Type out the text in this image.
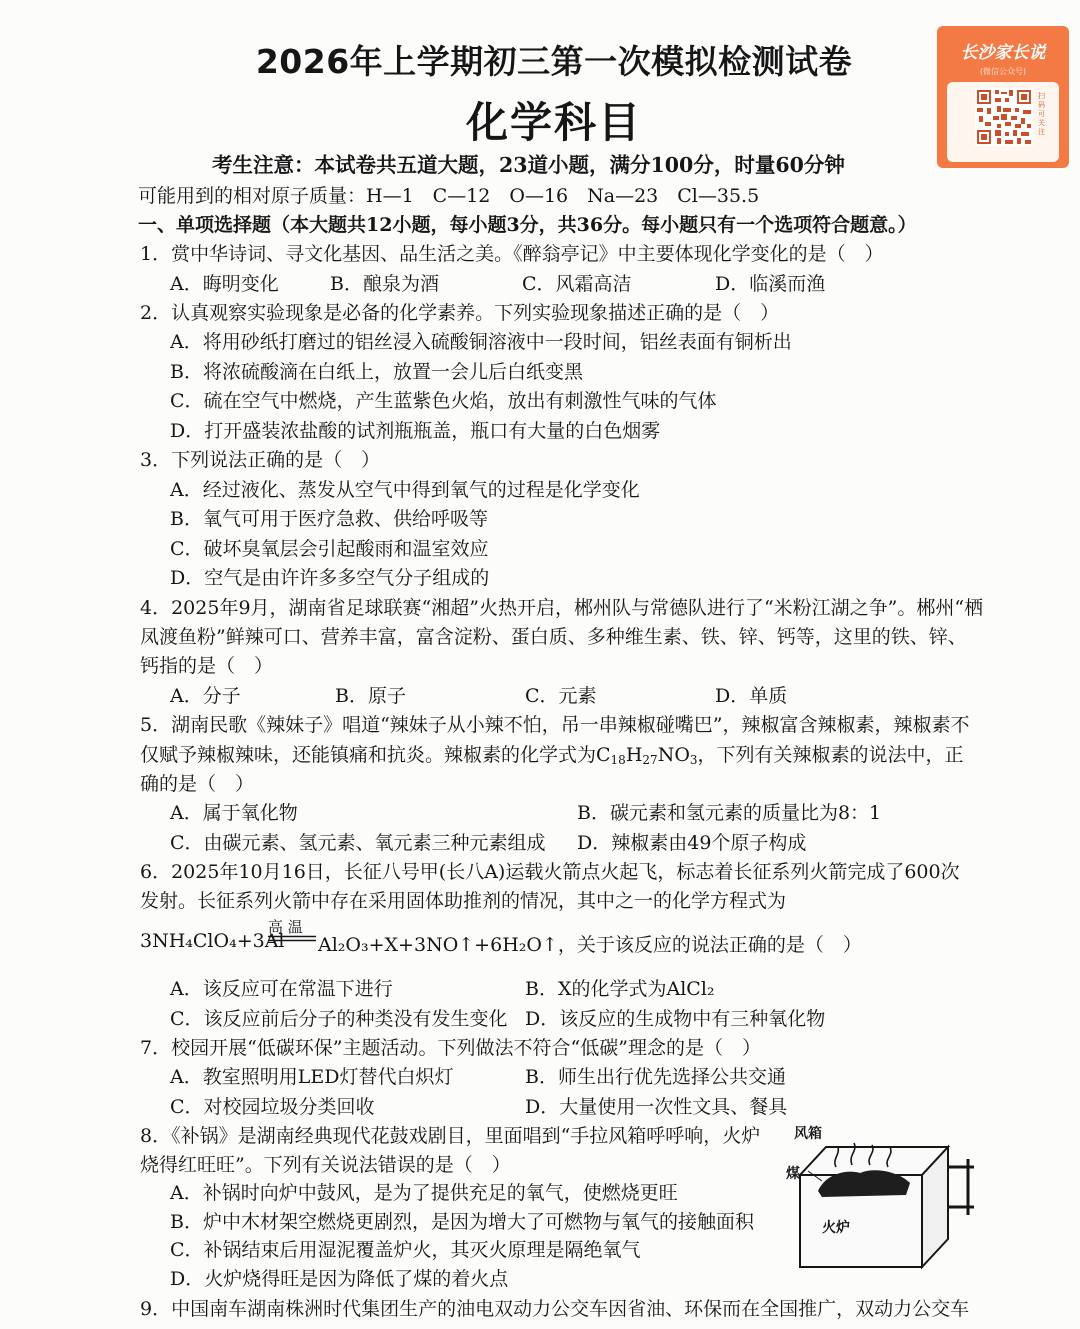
2026年上学期初三第一次模拟检测试卷
化学科目
长沙家长说
(微信公众号)
扫码可关注
考生注意：本试卷共五道大题，23道小题，满分100分，时量60分钟
可能用到的相对原子质量：H—1　C—12　O—16　Na—23　Cl—35.5
一、单项选择题（本大题共12小题，每小题3分，共36分。每小题只有一个选项符合题意。）
1．赏中华诗词、寻文化基因、品生活之美。《醉翁亭记》中主要体现化学变化的是（　）
A．晦明变化	B．酿泉为酒	C．风霜高洁	D．临溪而渔
2．认真观察实验现象是必备的化学素养。下列实验现象描述正确的是（　）
A．将用砂纸打磨过的铝丝浸入硫酸铜溶液中一段时间，铝丝表面有铜析出
B．将浓硫酸滴在白纸上，放置一会儿后白纸变黑
C．硫在空气中燃烧，产生蓝紫色火焰，放出有刺激性气味的气体
D．打开盛装浓盐酸的试剂瓶瓶盖，瓶口有大量的白色烟雾
3．下列说法正确的是（　）
A．经过液化、蒸发从空气中得到氧气的过程是化学变化
B．氧气可用于医疗急救、供给呼吸等
C．破坏臭氧层会引起酸雨和温室效应
D．空气是由许许多多空气分子组成的
4．2025年9月，湖南省足球联赛“湘超”火热开启，郴州队与常德队进行了“米粉江湖之争”。郴州“栖
凤渡鱼粉”鲜辣可口、营养丰富，富含淀粉、蛋白质、多种维生素、铁、锌、钙等，这里的铁、锌、
钙指的是（　）
A．分子	B．原子	C．元素	D．单质
5．湖南民歌《辣妹子》唱道“辣妹子从小辣不怕，吊一串辣椒碰嘴巴”，辣椒富含辣椒素，辣椒素不
仅赋予辣椒辣味，还能镇痛和抗炎。辣椒素的化学式为$C_{18}H_{27}NO_3$，下列有关辣椒素的说法中，正
确的是（　）
A．属于氧化物	B．碳元素和氢元素的质量比为8：1
C．由碳元素、氢元素、氧元素三种元素组成 D．辣椒素由49个原子构成
6．2025年10月16日，长征八号甲(长八A)运载火箭点火起飞，标志着长征系列火箭完成了600次
发射。长征系列火箭中存在采用固体助推剂的情况，其中之一的化学方程式为
高 温
3NH₄ClO₄+3Al Al₂O₃+X+3NO↑+6H₂O↑，关于该反应的说法正确的是（　）
A．该反应可在常温下进行	B．X的化学式为AlCl₂
C．该反应前后分子的种类没有发生变化 D．该反应的生成物中有三种氧化物
7．校园开展“低碳环保”主题活动。下列做法不符合“低碳”理念的是（　）
A．教室照明用LED灯替代白炽灯	B．师生出行优先选择公共交通
C．对校园垃圾分类回收	D．大量使用一次性文具、餐具
8．《补锅》是湖南经典现代花鼓戏剧目，里面唱到“手拉风箱呼呼响，火炉
烧得红旺旺”。下列有关说法错误的是（　）
A．补锅时向炉中鼓风，是为了提供充足的氧气，使燃烧更旺
B．炉中木材架空燃烧更剧烈，是因为增大了可燃物与氧气的接触面积
C．补锅结束后用湿泥覆盖炉火，其灭火原理是隔绝氧气
D．火炉烧得旺是因为降低了煤的着火点
风箱
煤
火炉
9．中国南车湖南株洲时代集团生产的油电双动力公交车因省油、环保而在全国推广，双动力公交车
